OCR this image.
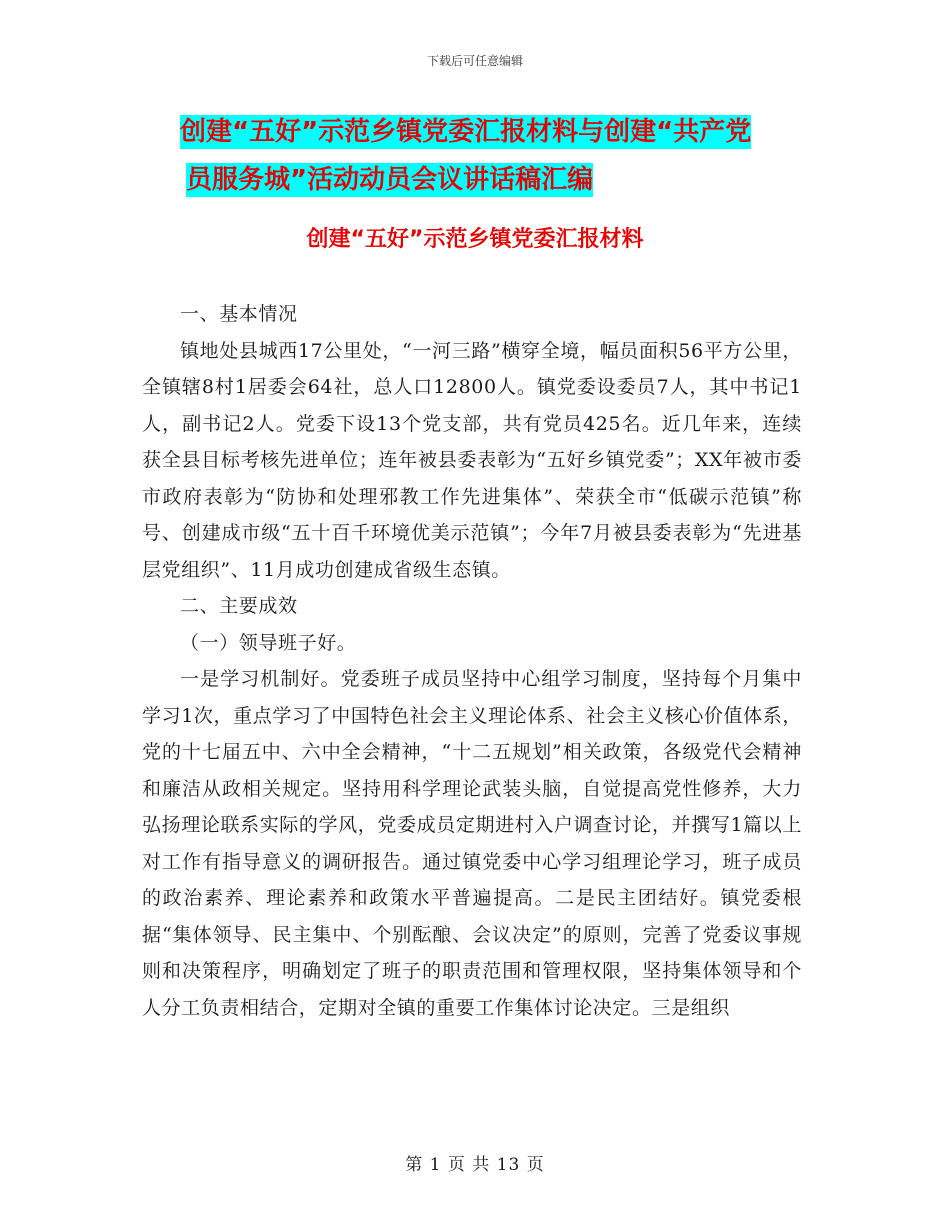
下载后可任意编辑
创建“五好”示范乡镇党委汇报材料与创建“共产党
员服务城”活动动员会议讲话稿汇编
创建“五好”示范乡镇党委汇报材料

一、基本情况

镇地处县城西17公里处，“一河三路”横穿全境，幅员面积56平方公里，全镇辖8村1居委会64社，总人口12800人。镇党委设委员7人，其中书记1人，副书记2人。党委下设13个党支部，共有党员425名。近几年来，连续获全县目标考核先进单位；连年被县委表彰为“五好乡镇党委”；XX年被市委市政府表彰为“防协和处理邪教工作先进集体”、荣获全市“低碳示范镇”称号、创建成市级“五十百千环境优美示范镇”；今年7月被县委表彰为“先进基层党组织”、11月成功创建成省级生态镇。

二、主要成效

（一）领导班子好。

一是学习机制好。党委班子成员坚持中心组学习制度，坚持每个月集中学习1次，重点学习了中国特色社会主义理论体系、社会主义核心价值体系，党的十七届五中、六中全会精神，“十二五规划”相关政策，各级党代会精神和廉洁从政相关规定。坚持用科学理论武装头脑，自觉提高党性修养，大力弘扬理论联系实际的学风，党委成员定期进村入户调查讨论，并撰写1篇以上对工作有指导意义的调研报告。通过镇党委中心学习组理论学习，班子成员的政治素养、理论素养和政策水平普遍提高。二是民主团结好。镇党委根据“集体领导、民主集中、个别酝酿、会议决定”的原则，完善了党委议事规则和决策程序，明确划定了班子的职责范围和管理权限，坚持集体领导和个人分工负责相结合，定期对全镇的重要工作集体讨论决定。三是组织

第 1 页 共 13 页
